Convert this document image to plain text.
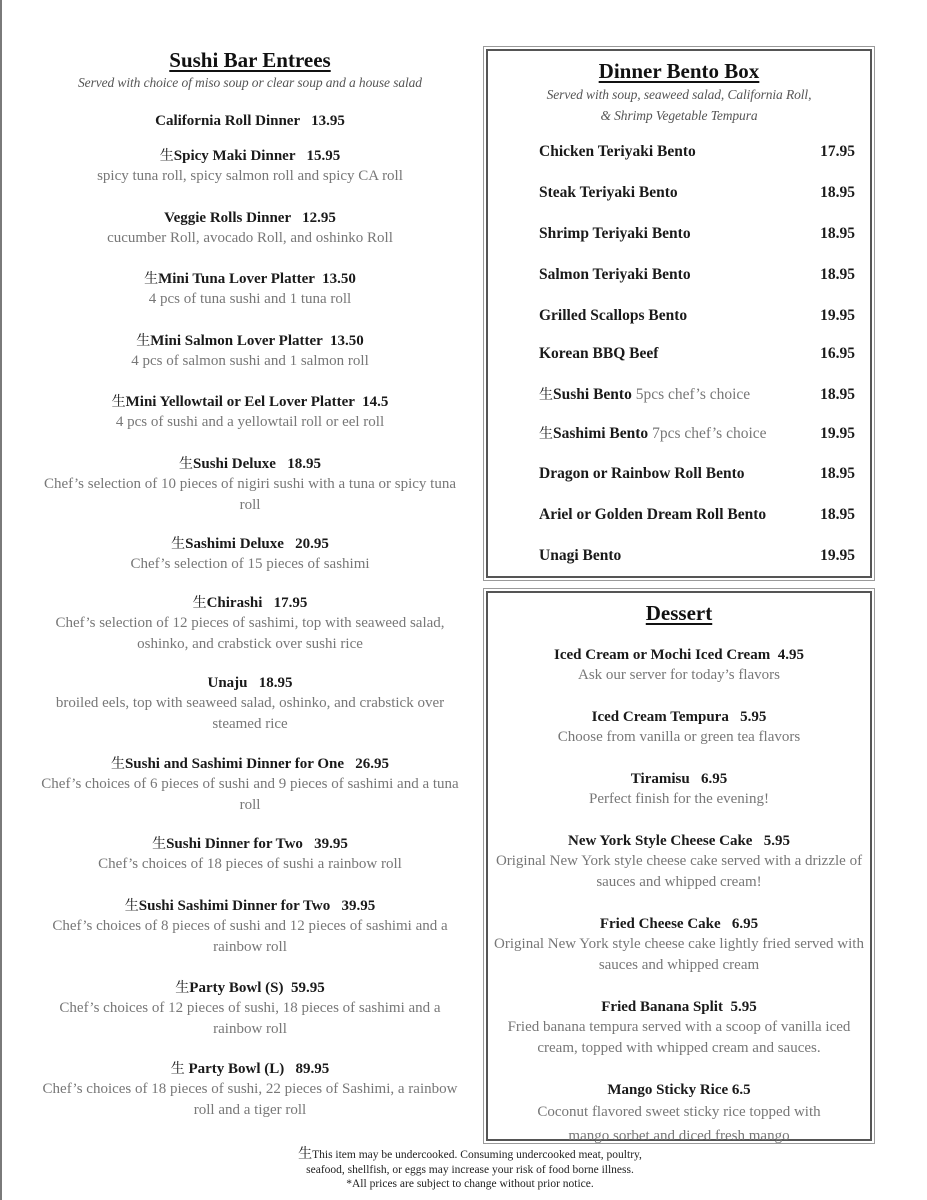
Sushi Bar Entrees
Served with choice of miso soup or clear soup and a house salad
California Roll Dinner   13.95
生Spicy Maki Dinner   15.95
spicy tuna roll, spicy salmon roll and spicy CA roll
Veggie Rolls Dinner   12.95
cucumber Roll, avocado Roll, and oshinko Roll
生Mini Tuna Lover Platter  13.50
4 pcs of tuna sushi and 1 tuna roll
生Mini Salmon Lover Platter  13.50
4 pcs of salmon sushi and 1 salmon roll
生Mini Yellowtail or Eel Lover Platter  14.5
4 pcs of sushi and a yellowtail roll or eel roll
生Sushi Deluxe   18.95
Chef’s selection of 10 pieces of nigiri sushi with a tuna or spicy tuna roll
生Sashimi Deluxe   20.95
Chef’s selection of 15 pieces of sashimi
生Chirashi   17.95
Chef’s selection of 12 pieces of sashimi, top with seaweed salad, oshinko, and crabstick over sushi rice
Unaju   18.95
broiled eels, top with seaweed salad, oshinko, and crabstick over steamed rice
生Sushi and Sashimi Dinner for One   26.95
Chef’s choices of 6 pieces of sushi and 9 pieces of sashimi and a tuna roll
生Sushi Dinner for Two   39.95
Chef’s choices of 18 pieces of sushi a rainbow roll
生Sushi Sashimi Dinner for Two   39.95
Chef’s choices of 8 pieces of sushi and 12 pieces of sashimi and a rainbow roll
生Party Bowl (S)  59.95
Chef’s choices of 12 pieces of sushi, 18 pieces of sashimi and a rainbow roll
生 Party Bowl (L)   89.95
Chef’s choices of 18 pieces of sushi, 22 pieces of Sashimi, a rainbow roll and a tiger roll
Dinner Bento Box
Served with soup, seaweed salad, California Roll,
& Shrimp Vegetable Tempura
Chicken Teriyaki Bento	17.95
Steak Teriyaki Bento	18.95
Shrimp Teriyaki Bento	18.95
Salmon Teriyaki Bento	18.95
Grilled Scallops Bento	19.95
Korean BBQ Beef	16.95
生Sushi Bento 5pcs chef’s choice	18.95
生Sashimi Bento 7pcs chef’s choice	19.95
Dragon or Rainbow Roll Bento	18.95
Ariel or Golden Dream Roll Bento	18.95
Unagi Bento	19.95
Dessert
Iced Cream or Mochi Iced Cream  4.95
Ask our server for today’s flavors
Iced Cream Tempura   5.95
Choose from vanilla or green tea flavors
Tiramisu   6.95
Perfect finish for the evening!
New York Style Cheese Cake   5.95
Original New York style cheese cake served with a drizzle of sauces and whipped cream!
Fried Cheese Cake   6.95
Original New York style cheese cake lightly fried served with sauces and whipped cream
Fried Banana Split  5.95
Fried banana tempura served with a scoop of vanilla iced cream, topped with whipped cream and sauces.
Mango Sticky Rice 6.5
Coconut flavored sweet sticky rice topped with mango sorbet and diced fresh mango
生This item may be undercooked. Consuming undercooked meat, poultry,
seafood, shellfish, or eggs may increase your risk of food borne illness.
*All prices are subject to change without prior notice.
